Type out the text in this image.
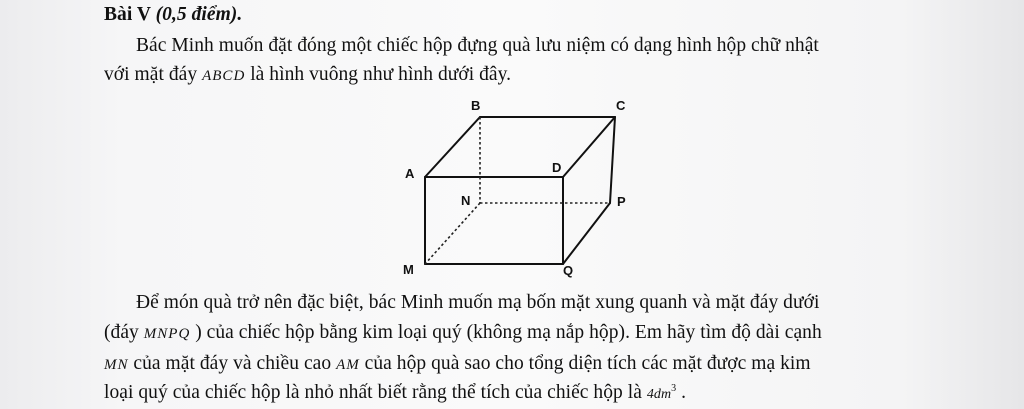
Bài V (0,5 điểm).
Bác Minh muốn đặt đóng một chiếc hộp đựng quà lưu niệm có dạng hình hộp chữ nhật
với mặt đáy ABCD là hình vuông như hình dưới đây.
B	C
A	D
N	P
M	Q
Để món quà trở nên đặc biệt, bác Minh muốn mạ bốn mặt xung quanh và mặt đáy dưới
(đáy MNPQ ) của chiếc hộp bằng kim loại quý (không mạ nắp hộp). Em hãy tìm độ dài cạnh
MN của mặt đáy và chiều cao AM của hộp quà sao cho tổng diện tích các mặt được mạ kim
loại quý của chiếc hộp là nhỏ nhất biết rằng thể tích của chiếc hộp là $4dm^3$ .
